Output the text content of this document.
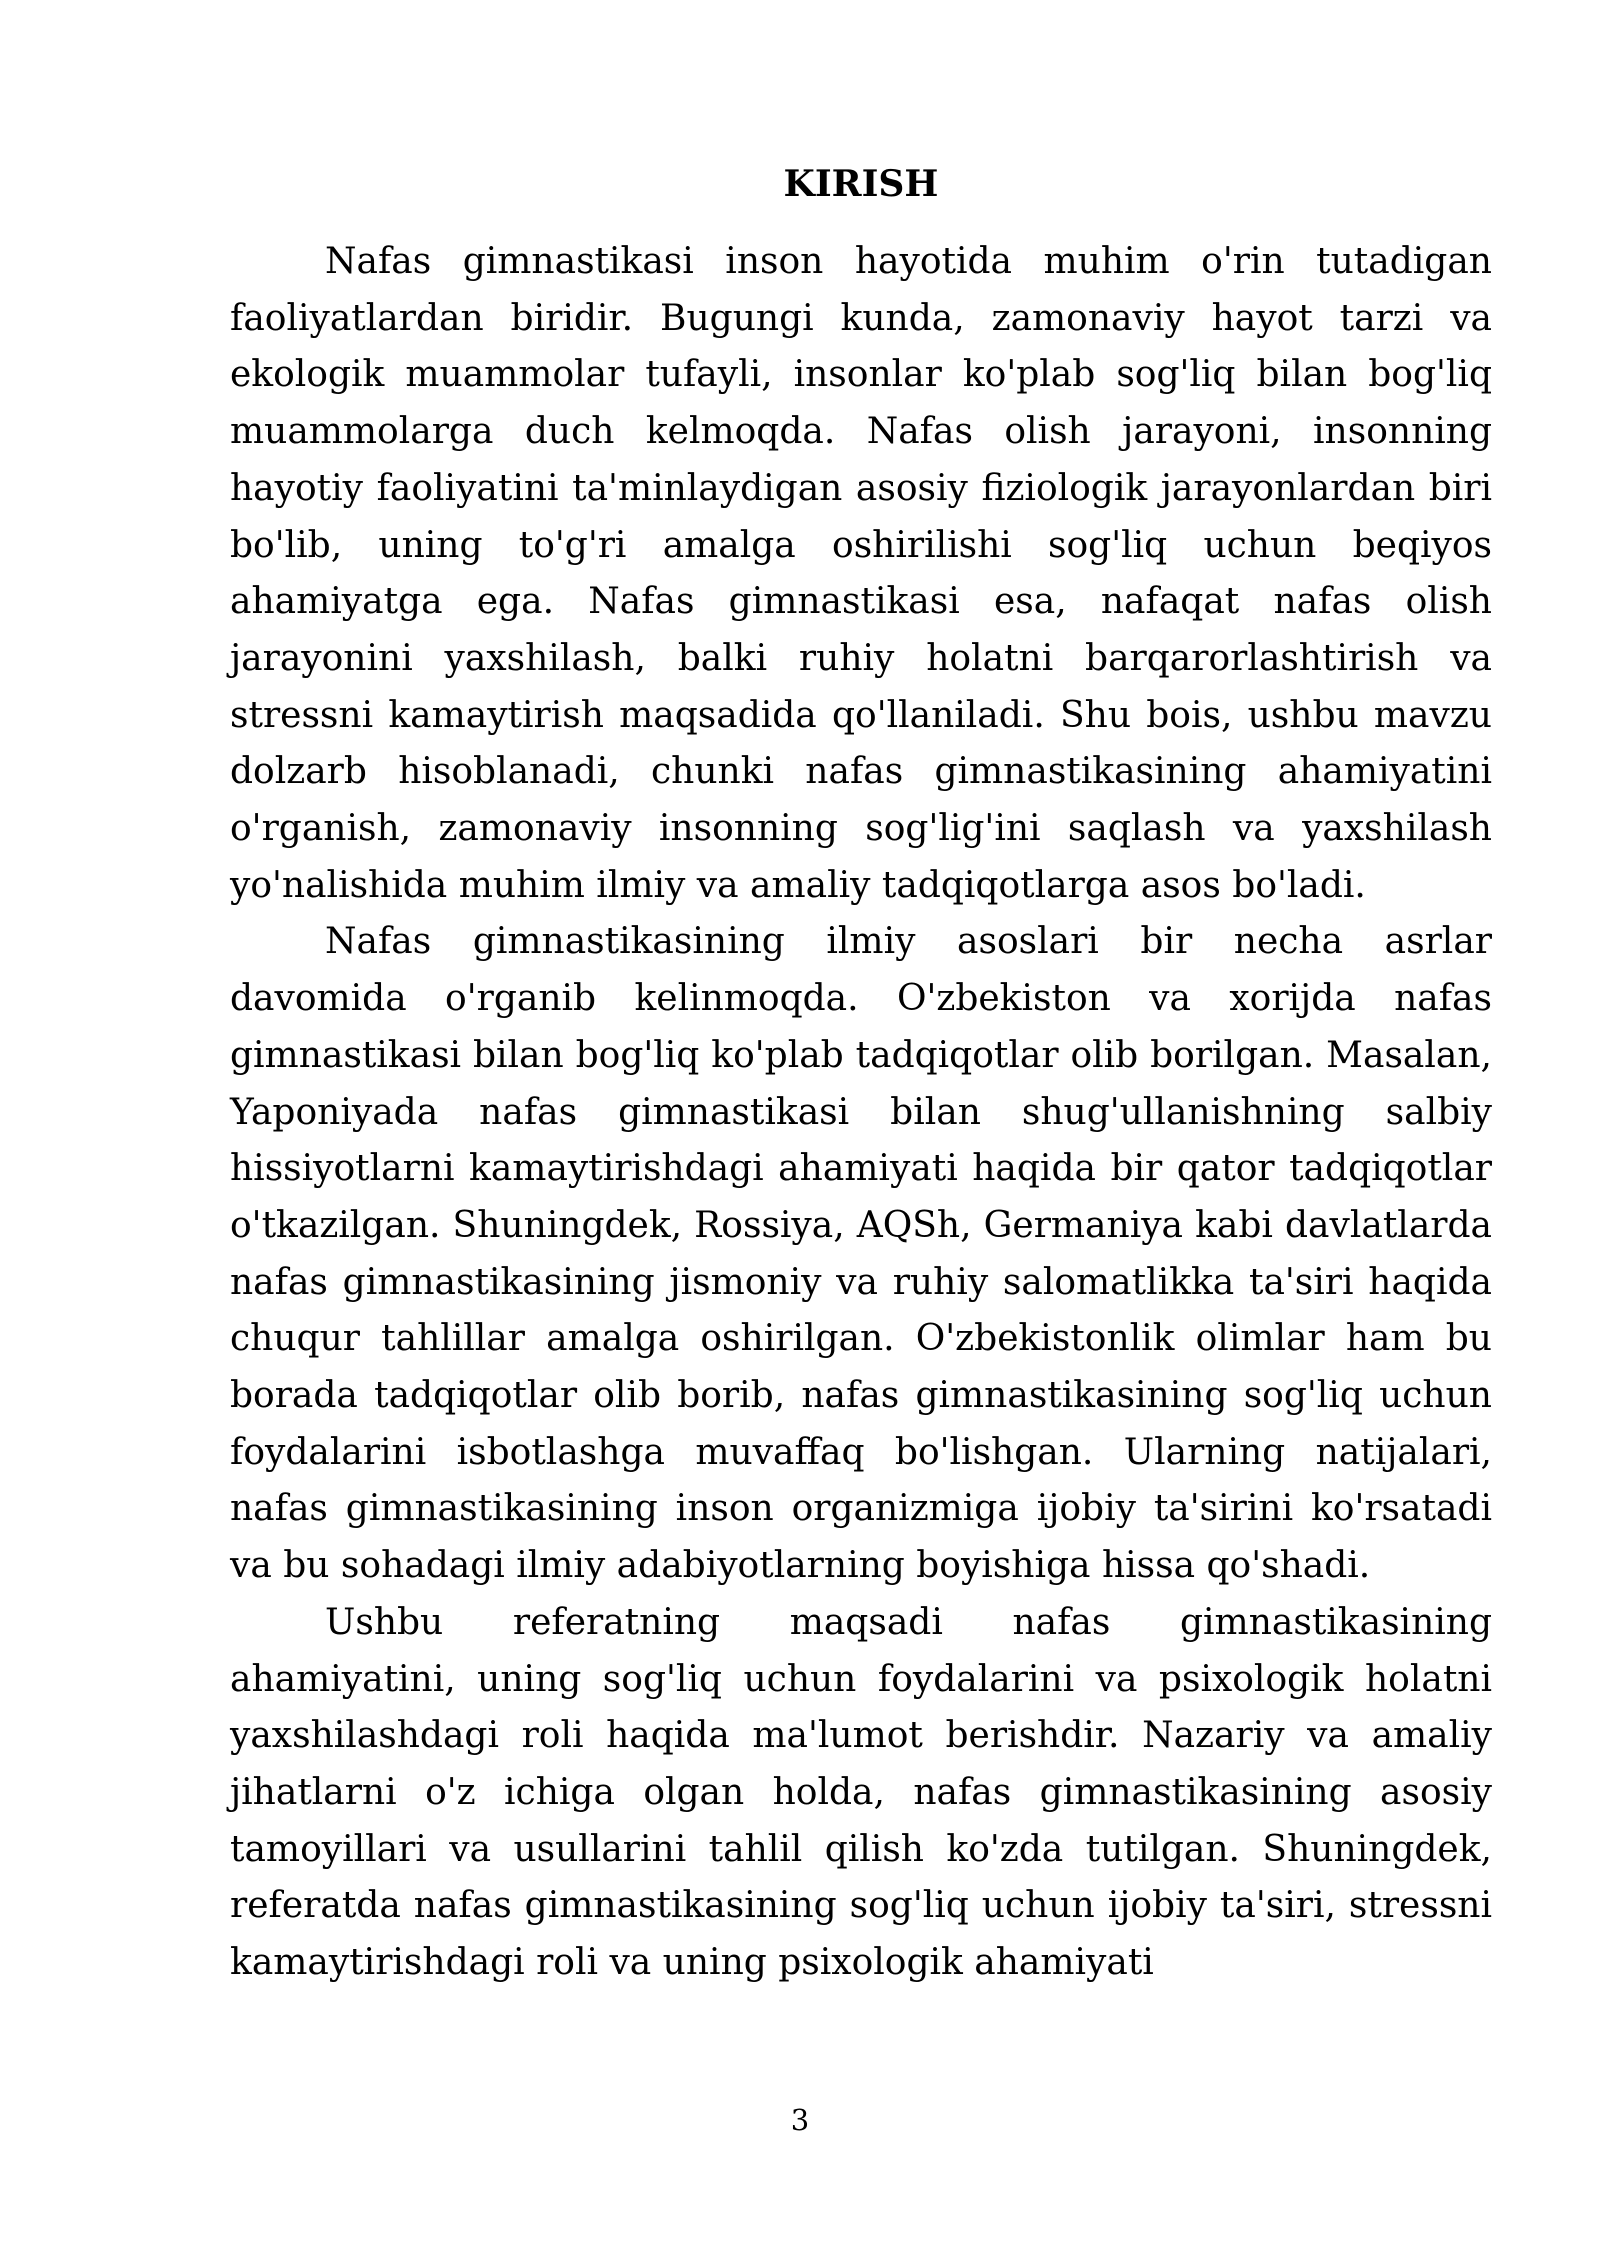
KIRISH

Nafas gimnastikasi inson hayotida muhim o'rin tutadigan faoliyatlardan biridir. Bugungi kunda, zamonaviy hayot tarzi va ekologik muammolar tufayli, insonlar ko'plab sog'liq bilan bog'liq muammolarga duch kelmoqda. Nafas olish jarayoni, insonning hayotiy faoliyatini ta'minlaydigan asosiy fiziologik jarayonlardan biri bo'lib, uning to'g'ri amalga oshirilishi sog'liq uchun beqiyos ahamiyatga ega. Nafas gimnastikasi esa, nafaqat nafas olish jarayonini yaxshilash, balki ruhiy holatni barqarorlashtirish va stressni kamaytirish maqsadida qo'llaniladi. Shu bois, ushbu mavzu dolzarb hisoblanadi, chunki nafas gimnastikasining ahamiyatini o'rganish, zamonaviy insonning sog'lig'ini saqlash va yaxshilash yo'nalishida muhim ilmiy va amaliy tadqiqotlarga asos bo'ladi.

Nafas gimnastikasining ilmiy asoslari bir necha asrlar davomida o'rganib kelinmoqda. O'zbekiston va xorijda nafas gimnastikasi bilan bog'liq ko'plab tadqiqotlar olib borilgan. Masalan, Yaponiyada nafas gimnastikasi bilan shug'ullanishning salbiy hissiyotlarni kamaytirishdagi ahamiyati haqida bir qator tadqiqotlar o'tkazilgan. Shuningdek, Rossiya, AQSh, Germaniya kabi davlatlarda nafas gimnastikasining jismoniy va ruhiy salomatlikka ta'siri haqida chuqur tahlillar amalga oshirilgan. O'zbekistonlik olimlar ham bu borada tadqiqotlar olib borib, nafas gimnastikasining sog'liq uchun foydalarini isbotlashga muvaffaq bo'lishgan. Ularning natijalari, nafas gimnastikasining inson organizmiga ijobiy ta'sirini ko'rsatadi va bu sohadagi ilmiy adabiyotlarning boyishiga hissa qo'shadi.

Ushbu referatning maqsadi nafas gimnastikasining ahamiyatini, uning sog'liq uchun foydalarini va psixologik holatni yaxshilashdagi roli haqida ma'lumot berishdir. Nazariy va amaliy jihatlarni o'z ichiga olgan holda, nafas gimnastikasining asosiy tamoyillari va usullarini tahlil qilish ko'zda tutilgan. Shuningdek, referatda nafas gimnastikasining sog'liq uchun ijobiy ta'siri, stressni kamaytirishdagi roli va uning psixologik ahamiyati

3
